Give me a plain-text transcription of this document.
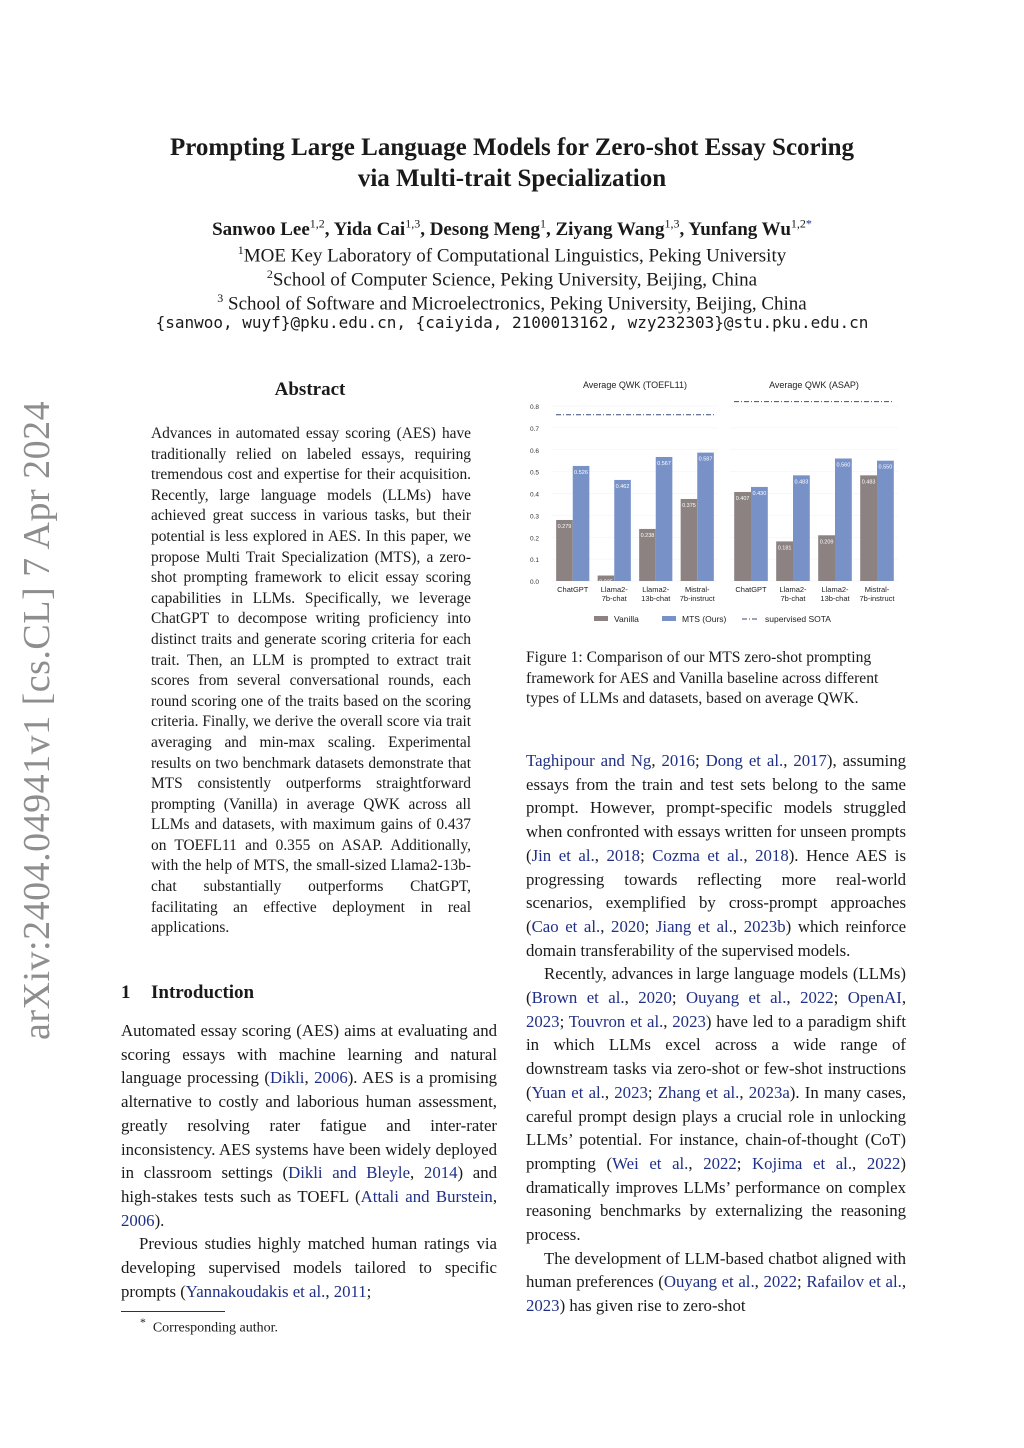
Prompting Large Language Models for Zero-shot Essay Scoring
via Multi-trait Specialization
Sanwoo Lee$^{1,2}$, Yida Cai$^{1,3}$, Desong Meng$^1$, Ziyang Wang$^{1,3}$, Yunfang $Wu^{1,2*}$
$^1$MOE Key Laboratory of Computational Linguistics, Peking University
$^2$School of Computer Science, Peking University, Beijing, China
$^3$ School of Software and Microelectronics, Peking University, Beijing, China
{sanwoo, wuyf}@pku.edu.cn, {caiyida, 2100013162, wzy232303}@stu.pku.edu.cn
arXiv:2404.04941v1 [cs.CL] 7 Apr 2024
Abstract
Advances in automated essay scoring (AES) have traditionally relied on labeled essays, requiring tremendous cost and expertise for their acquisition. Recently, large language models (LLMs) have achieved great success in various tasks, but their potential is less explored in AES. In this paper, we propose Multi Trait Specialization (MTS), a zero-shot prompting framework to elicit essay scoring capabilities in LLMs. Specifically, we leverage ChatGPT to decompose writing proficiency into distinct traits and generate scoring criteria for each trait. Then, an LLM is prompted to extract trait scores from several conversational rounds, each round scoring one of the traits based on the scoring criteria. Finally, we derive the overall score via trait averaging and min-max scaling. Experimental results on two benchmark datasets demonstrate that MTS consistently outperforms straightforward prompting (Vanilla) in average QWK across all LLMs and datasets, with maximum gains of 0.437 on TOEFL11 and 0.355 on ASAP. Additionally, with the help of MTS, the small-sized Llama2-13b-chat substantially outperforms ChatGPT, facilitating an effective deployment in real applications.
1 Introduction

Automated essay scoring (AES) aims at evaluating and scoring essays with machine learning and natural language processing (Dikli, 2006). AES is a promising alternative to costly and laborious human assessment, greatly resolving rater fatigue and inter-rater inconsistency. AES systems have been widely deployed in classroom settings (Dikli and Bleyle, 2014) and high-stakes tests such as TOEFL (Attali and Burstein, 2006).

Previous studies highly matched human ratings via developing supervised models tailored to specific prompts (Yannakoudakis et al., 2011;

* Corresponding author.
Average QWK (TOEFL11)
0.0
0.1
0.2
0.3
0.4
0.5
0.6
0.7
0.8
0.279
0.526
ChatGPT
0.025
0.462
Llama2-
7b-chat
0.238
0.567
Llama2-
13b-chat
0.375
0.587
Mistral-
7b-instruct
Average QWK (ASAP)
0.407
0.430
ChatGPT
0.181
0.483
Llama2-
7b-chat
0.209
0.560
Llama2-
13b-chat
0.483
0.550
Mistral-
7b-instruct
Vanilla	MTS (Ours)	supervised SOTA
Figure 1: Comparison of our MTS zero-shot prompting framework for AES and Vanilla baseline across different types of LLMs and datasets, based on average QWK.

Taghipour and Ng, 2016; Dong et al., 2017), assuming essays from the train and test sets belong to the same prompt. However, prompt-specific models struggled when confronted with essays written for unseen prompts (Jin et al., 2018; Cozma et al., 2018). Hence AES is progressing towards reflecting more real-world scenarios, exemplified by cross-prompt approaches (Cao et al., 2020; Jiang et al., 2023b) which reinforce domain transferability of the supervised models.

Recently, advances in large language models (LLMs) (Brown et al., 2020; Ouyang et al., 2022; OpenAI, 2023; Touvron et al., 2023) have led to a paradigm shift in which LLMs excel across a wide range of downstream tasks via zero-shot or few-shot instructions (Yuan et al., 2023; Zhang et al., 2023a). In many cases, careful prompt design plays a crucial role in unlocking LLMs’ potential. For instance, chain-of-thought (CoT) prompting (Wei et al., 2022; Kojima et al., 2022) dramatically improves LLMs’ performance on complex reasoning benchmarks by externalizing the reasoning process.

The development of LLM-based chatbot aligned with human preferences (Ouyang et al., 2022; Rafailov et al., 2023) has given rise to zero-shot
